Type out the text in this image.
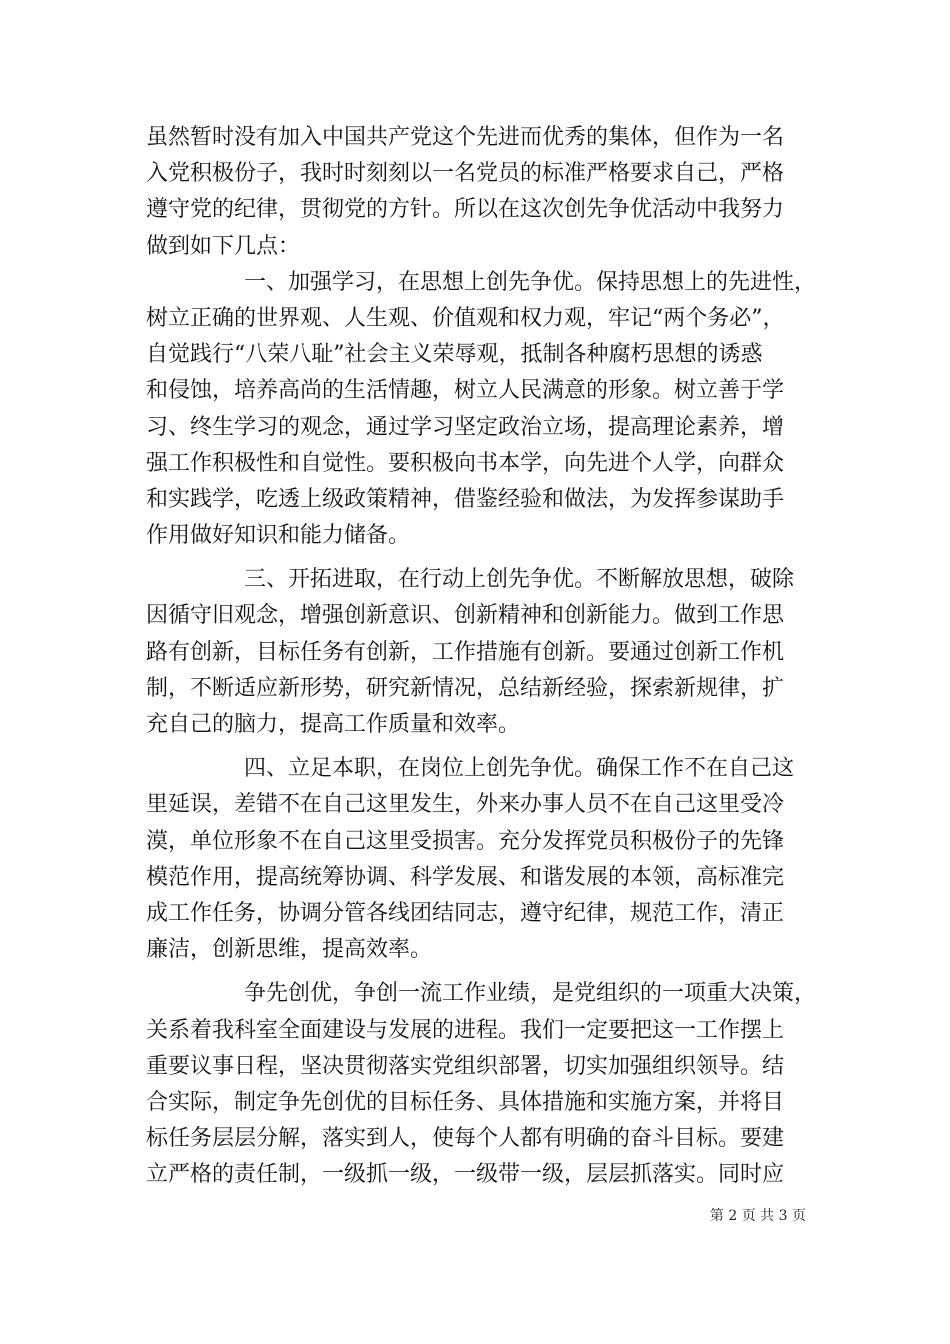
虽然暂时没有加入中国共产党这个先进而优秀的集体，但作为一名
入党积极份子，我时时刻刻以一名党员的标准严格要求自己，严格
遵守党的纪律，贯彻党的方针。所以在这次创先争优活动中我努力
做到如下几点：
一、加强学习，在思想上创先争优。保持思想上的先进性，
树立正确的世界观、人生观、价值观和权力观，牢记“两个务必”，
自觉践行“八荣八耻”社会主义荣辱观，抵制各种腐朽思想的诱惑
和侵蚀，培养高尚的生活情趣，树立人民满意的形象。树立善于学
习、终生学习的观念，通过学习坚定政治立场，提高理论素养，增
强工作积极性和自觉性。要积极向书本学，向先进个人学，向群众
和实践学，吃透上级政策精神，借鉴经验和做法，为发挥参谋助手
作用做好知识和能力储备。
三、开拓进取，在行动上创先争优。不断解放思想，破除
因循守旧观念，增强创新意识、创新精神和创新能力。做到工作思
路有创新，目标任务有创新，工作措施有创新。要通过创新工作机
制，不断适应新形势，研究新情况，总结新经验，探索新规律，扩
充自己的脑力，提高工作质量和效率。
四、立足本职，在岗位上创先争优。确保工作不在自己这
里延误，差错不在自己这里发生，外来办事人员不在自己这里受冷
漠，单位形象不在自己这里受损害。充分发挥党员积极份子的先锋
模范作用，提高统筹协调、科学发展、和谐发展的本领，高标准完
成工作任务，协调分管各线团结同志，遵守纪律，规范工作，清正
廉洁，创新思维，提高效率。
争先创优，争创一流工作业绩，是党组织的一项重大决策，
关系着我科室全面建设与发展的进程。我们一定要把这一工作摆上
重要议事日程，坚决贯彻落实党组织部署，切实加强组织领导。结
合实际，制定争先创优的目标任务、具体措施和实施方案，并将目
标任务层层分解，落实到人，使每个人都有明确的奋斗目标。要建
立严格的责任制，一级抓一级，一级带一级，层层抓落实。同时应
第 2 页 共 3 页
